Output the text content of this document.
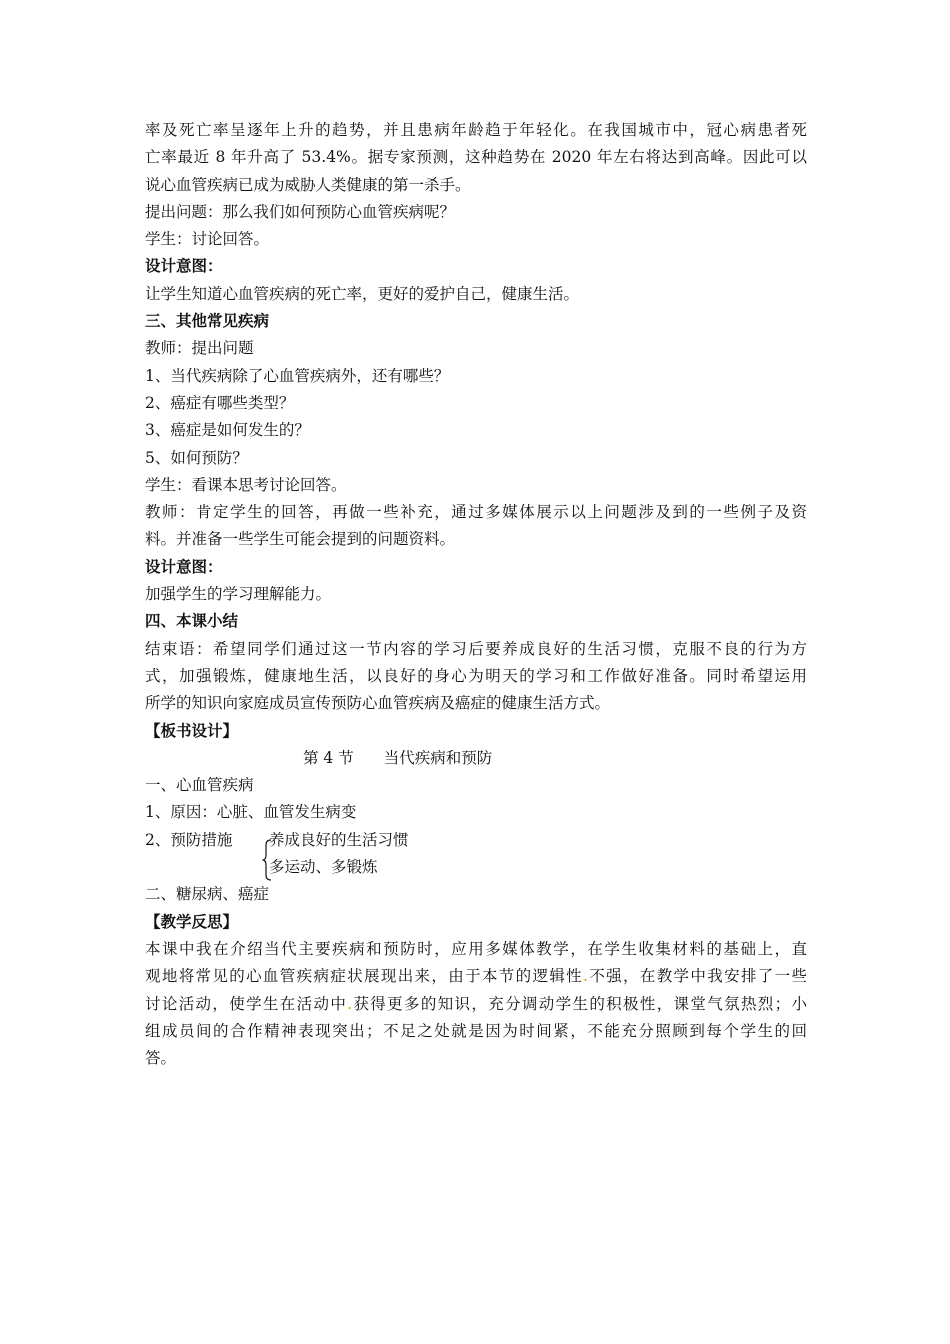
率及死亡率呈逐年上升的趋势，并且患病年龄趋于年轻化。在我国城市中，冠心病患者死
亡率最近 8 年升高了 53.4%。据专家预测，这种趋势在 2020 年左右将达到高峰。因此可以
说心血管疾病已成为威胁人类健康的第一杀手。
提出问题：那么我们如何预防心血管疾病呢？
学生：讨论回答。
设计意图：
让学生知道心血管疾病的死亡率，更好的爱护自己，健康生活。
三、其他常见疾病
教师：提出问题
1、当代疾病除了心血管疾病外，还有哪些？
2、癌症有哪些类型？
3、癌症是如何发生的？
5、如何预防？
学生：看课本思考讨论回答。
教师：肯定学生的回答，再做一些补充，通过多媒体展示以上问题涉及到的一些例子及资
料。并准备一些学生可能会提到的问题资料。
设计意图：
加强学生的学习理解能力。
四、本课小结
结束语：希望同学们通过这一节内容的学习后要养成良好的生活习惯，克服不良的行为方
式，加强锻炼，健康地生活，以良好的身心为明天的学习和工作做好准备。同时希望运用
所学的知识向家庭成员宣传预防心血管疾病及癌症的健康生活方式。
【板书设计】
第 4 节 当代疾病和预防
一、心血管疾病
1、原因：心脏、血管发生病变
2、预防措施 养成良好的生活习惯
多运动、多锻炼
二、糖尿病、癌症
【教学反思】
本课中我在介绍当代主要疾病和预防时，应用多媒体教学，在学生收集材料的基础上，直
观地将常见的心血管疾病症状展现出来，由于本节的逻辑性.不强，在教学中我安排了一些
讨论活动，使学生在活动中.获得更多的知识，充分调动学生的积极性，课堂气氛热烈；小
组成员间的合作精神表现突出；不足之处就是因为时间紧，不能充分照顾到每个学生的回
答。
